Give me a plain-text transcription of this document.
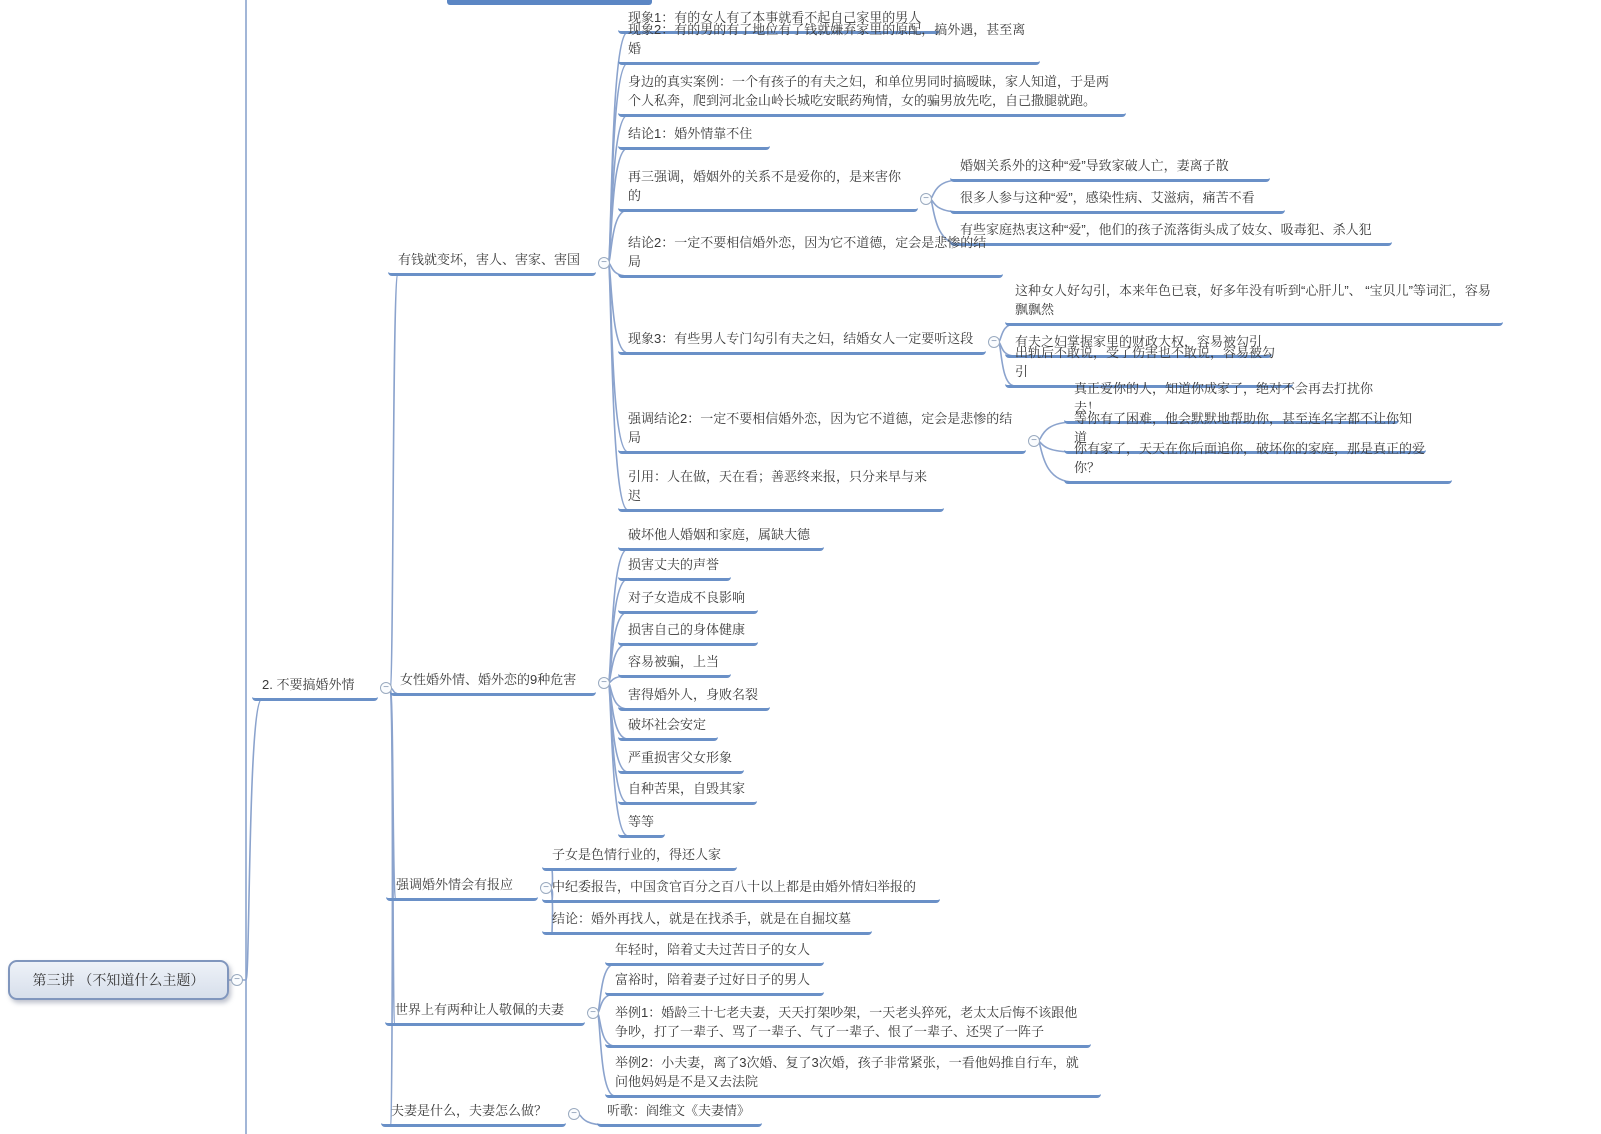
第三讲 （不知道什么主题）	−
2. 不要搞婚外情	−
有钱就变坏，害人、害家、害国	−
现象1：有的女人有了本事就看不起自己家里的男人
现象2：有的男的有了地位有了钱就嫌弃家里的原配，搞外遇，甚至离婚
身边的真实案例：一个有孩子的有夫之妇，和单位男同时搞暧昧，家人知道，于是两个人私奔，爬到河北金山岭长城吃安眠药殉情，女的骗男放先吃，自己撒腿就跑。
结论1：婚外情靠不住
再三强调，婚姻外的关系不是爱你的，是来害你的	−
婚姻关系外的这种“爱”导致家破人亡，妻离子散
很多人参与这种“爱”，感染性病、艾滋病，痛苦不看
有些家庭热衷这种“爱”，他们的孩子流落街头成了妓女、吸毒犯、杀人犯
结论2：一定不要相信婚外恋，因为它不道德，定会是悲惨的结局
现象3：有些男人专门勾引有夫之妇，结婚女人一定要听这段	−
这种女人好勾引，本来年色已衰，好多年没有听到“心肝儿”、 “宝贝儿”等词汇，容易飘飘然
有夫之妇掌握家里的财政大权，容易被勾引
出轨后不敢说，受了伤害也不敢说，容易被勾引
强调结论2：一定不要相信婚外恋，因为它不道德，定会是悲惨的结局	−
真正爱你的人，知道你成家了，绝对不会再去打扰你去！
等你有了困难，他会默默地帮助你，甚至连名字都不让你知道
你有家了，天天在你后面追你，破坏你的家庭，那是真正的爱你？
引用：人在做，天在看；善恶终来报，只分来早与来迟
女性婚外情、婚外恋的9种危害	−
破坏他人婚姻和家庭，属缺大德
损害丈夫的声誉
对子女造成不良影响
损害自己的身体健康
容易被骗，上当
害得婚外人，身败名裂
破坏社会安定
严重损害父女形象
自种苦果，自毁其家
等等
强调婚外情会有报应	−
子女是色情行业的，得还人家
中纪委报告，中国贪官百分之百八十以上都是由婚外情妇举报的
结论：婚外再找人，就是在找杀手，就是在自掘坟墓
世界上有两种让人敬佩的夫妻	−
年轻时，陪着丈夫过苦日子的女人
富裕时，陪着妻子过好日子的男人
举例1：婚龄三十七老夫妻，天天打架吵架，一天老头猝死，老太太后悔不该跟他争吵，打了一辈子、骂了一辈子、气了一辈子、恨了一辈子、还哭了一阵子
举例2：小夫妻，离了3次婚、复了3次婚，孩子非常紧张，一看他妈推自行车，就问他妈妈是不是又去法院
夫妻是什么，夫妻怎么做？	−	听歌：阎维文《夫妻情》
